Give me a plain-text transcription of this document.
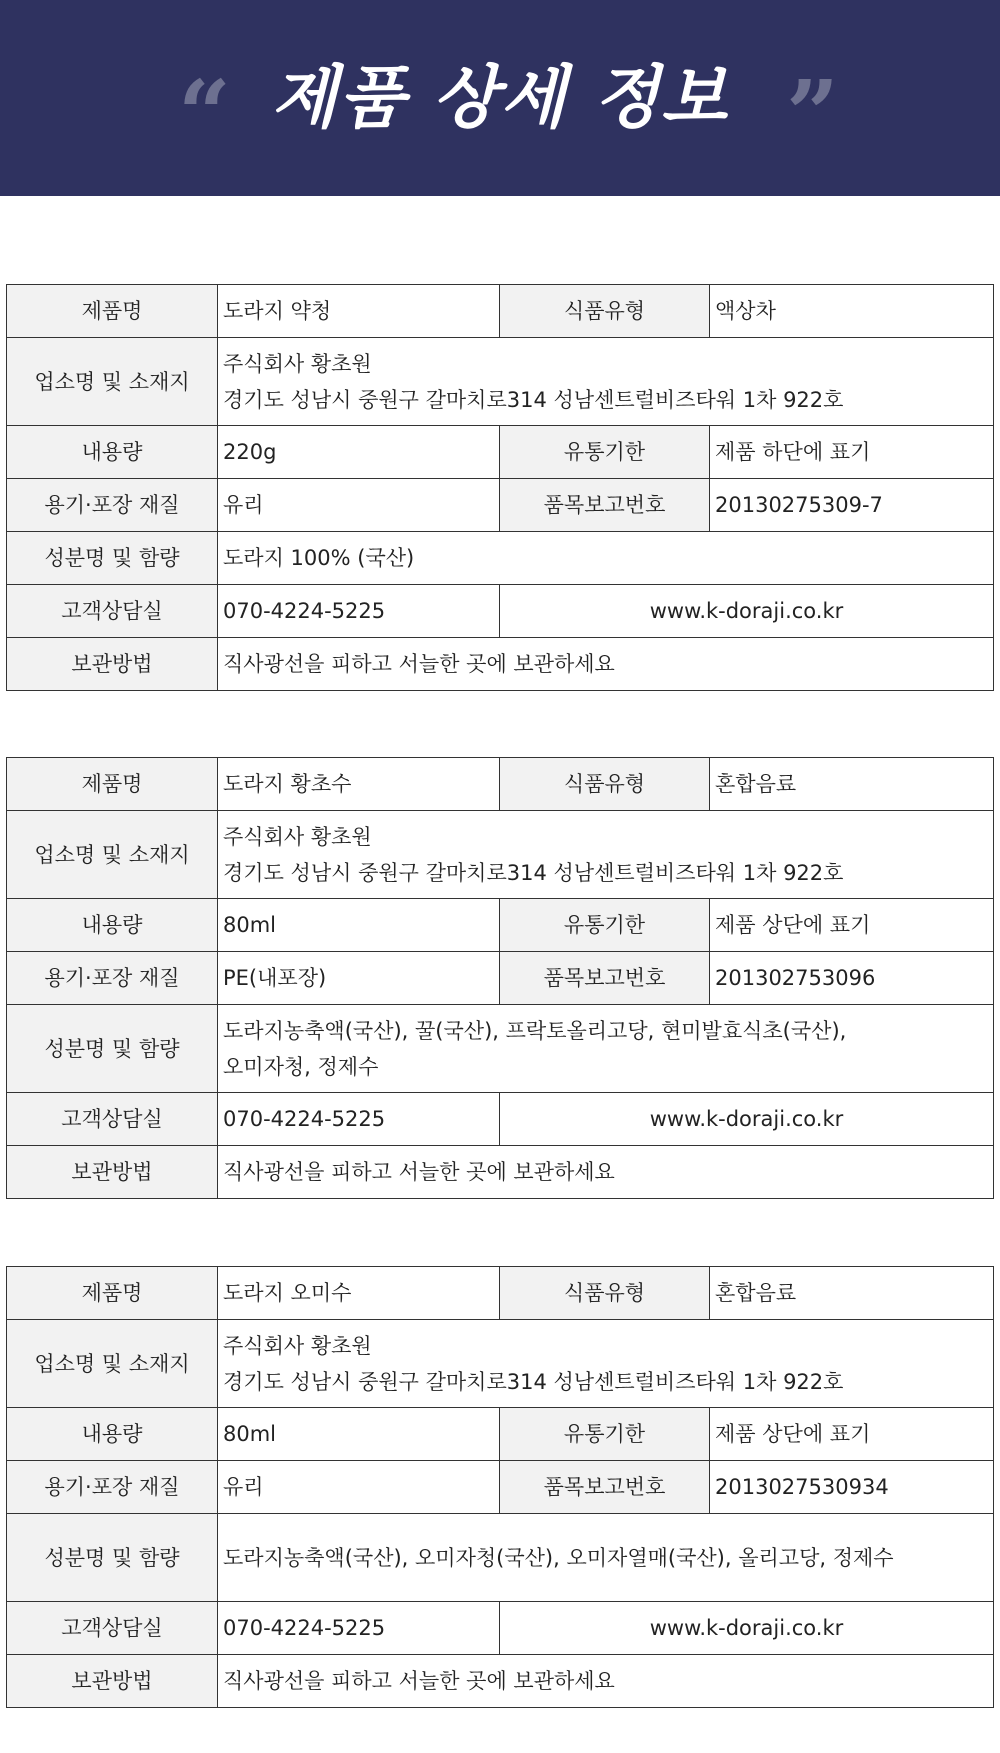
“ 제품 상세 정보 ”
제품명	도라지 약청	식품유형	액상차
업소명 및 소재지	주식회사 황초원
경기도 성남시 중원구 갈마치로314 성남센트럴비즈타워 1차 922호		

내용량	220g	유통기한	제품 하단에 표기
용기·포장 재질	유리	품목보고번호	20130275309-7
성분명 및 함량	도라지 100% (국산)		

고객상담실	070-4224-5225	www.k-doraji.co.kr	
보관방법	직사광선을 피하고 서늘한 곳에 보관하세요		
제품명	도라지 황초수	식품유형	혼합음료
업소명 및 소재지	주식회사 황초원
경기도 성남시 중원구 갈마치로314 성남센트럴비즈타워 1차 922호		

내용량	80ml	유통기한	제품 상단에 표기
용기·포장 재질	PE(내포장)	품목보고번호	201302753096
성분명 및 함량	도라지농축액(국산), 꿀(국산), 프락토올리고당, 현미발효식초(국산),
오미자청, 정제수		

고객상담실	070-4224-5225	www.k-doraji.co.kr	
보관방법	직사광선을 피하고 서늘한 곳에 보관하세요		
제품명	도라지 오미수	식품유형	혼합음료
업소명 및 소재지	주식회사 황초원
경기도 성남시 중원구 갈마치로314 성남센트럴비즈타워 1차 922호		

내용량	80ml	유통기한	제품 상단에 표기
용기·포장 재질	유리	품목보고번호	2013027530934
성분명 및 함량	도라지농축액(국산), 오미자청(국산), 오미자열매(국산), 올리고당, 정제수		

고객상담실	070-4224-5225	www.k-doraji.co.kr	
보관방법	직사광선을 피하고 서늘한 곳에 보관하세요		
